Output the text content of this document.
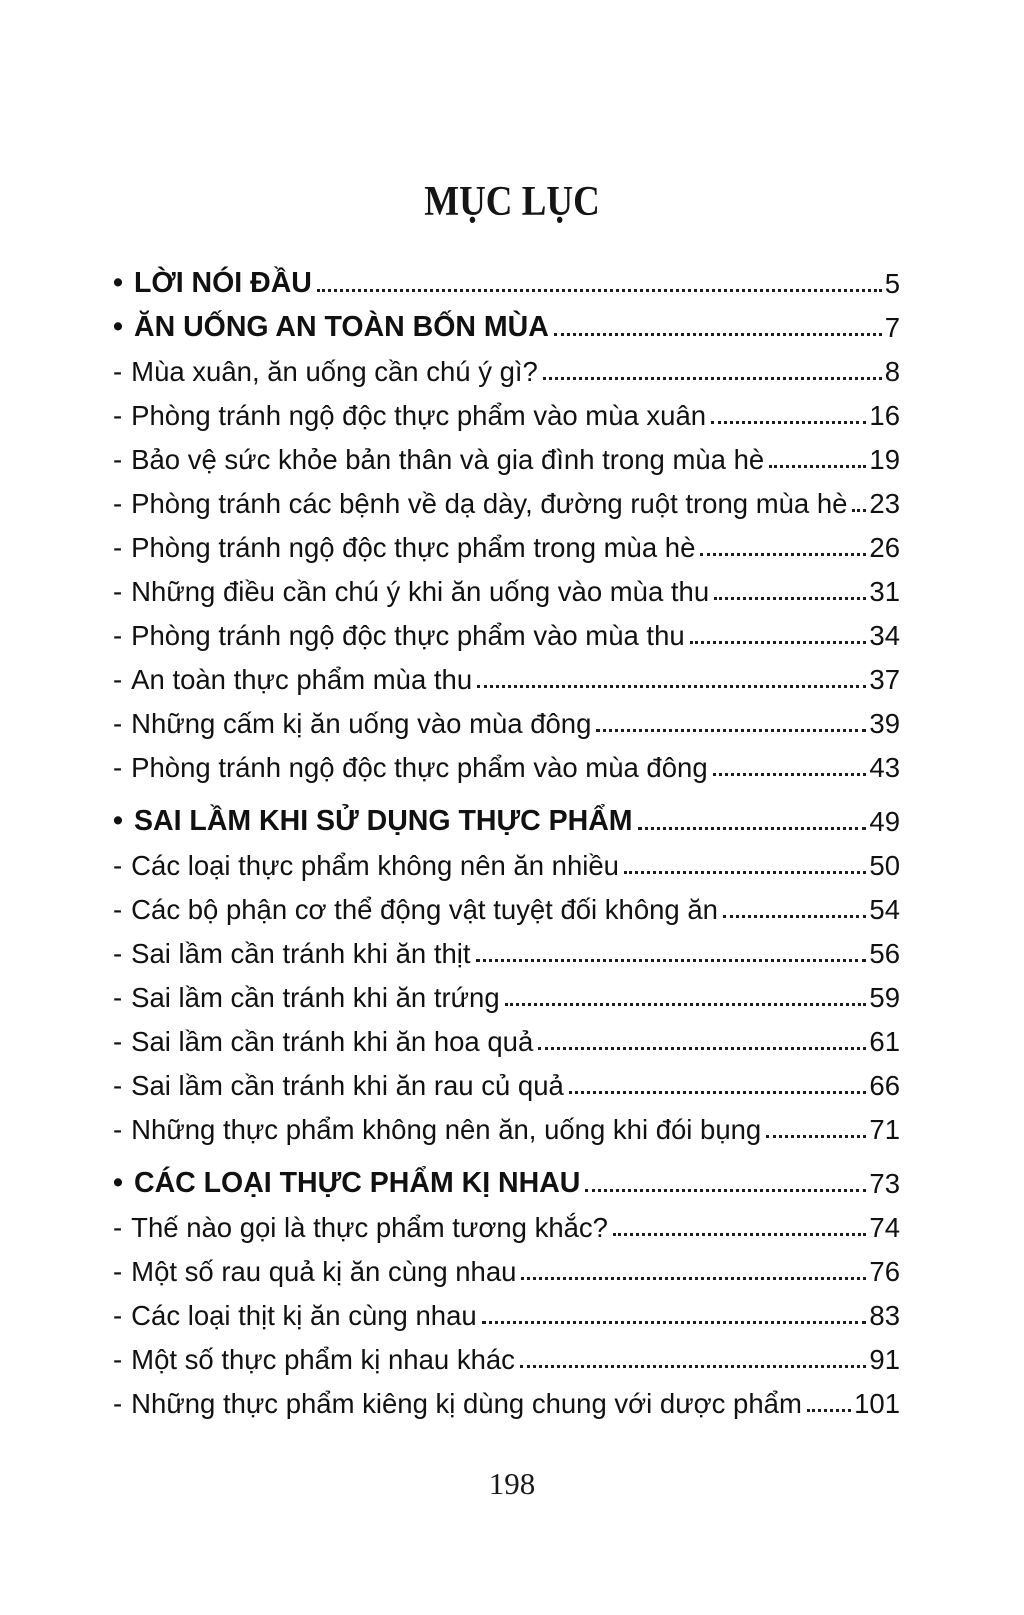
MỤC LỤC
• LỜI NÓI ĐẦU	5
• ĂN UỐNG AN TOÀN BỐN MÙA	7
- Mùa xuân, ăn uống cần chú ý gì?	8
- Phòng tránh ngộ độc thực phẩm vào mùa xuân	16
- Bảo vệ sức khỏe bản thân và gia đình trong mùa hè	19
- Phòng tránh các bệnh về dạ dày, đường ruột trong mùa hè 23
- Phòng tránh ngộ độc thực phẩm trong mùa hè	26
- Những điều cần chú ý khi ăn uống vào mùa thu	31
- Phòng tránh ngộ độc thực phẩm vào mùa thu	34
- An toàn thực phẩm mùa thu	37
- Những cấm kị ăn uống vào mùa đông	39
- Phòng tránh ngộ độc thực phẩm vào mùa đông	43
• SAI LẦM KHI SỬ DỤNG THỰC PHẨM	49
- Các loại thực phẩm không nên ăn nhiều	50
- Các bộ phận cơ thể động vật tuyệt đối không ăn	54
- Sai lầm cần tránh khi ăn thịt	56
- Sai lầm cần tránh khi ăn trứng	59
- Sai lầm cần tránh khi ăn hoa quả	61
- Sai lầm cần tránh khi ăn rau củ quả	66
- Những thực phẩm không nên ăn, uống khi đói bụng	71
• CÁC LOẠI THỰC PHẨM KỊ NHAU	73
- Thế nào gọi là thực phẩm tương khắc?	74
- Một số rau quả kị ăn cùng nhau	76
- Các loại thịt kị ăn cùng nhau	83
- Một số thực phẩm kị nhau khác	91
- Những thực phẩm kiêng kị dùng chung với dược phẩm 101
198
